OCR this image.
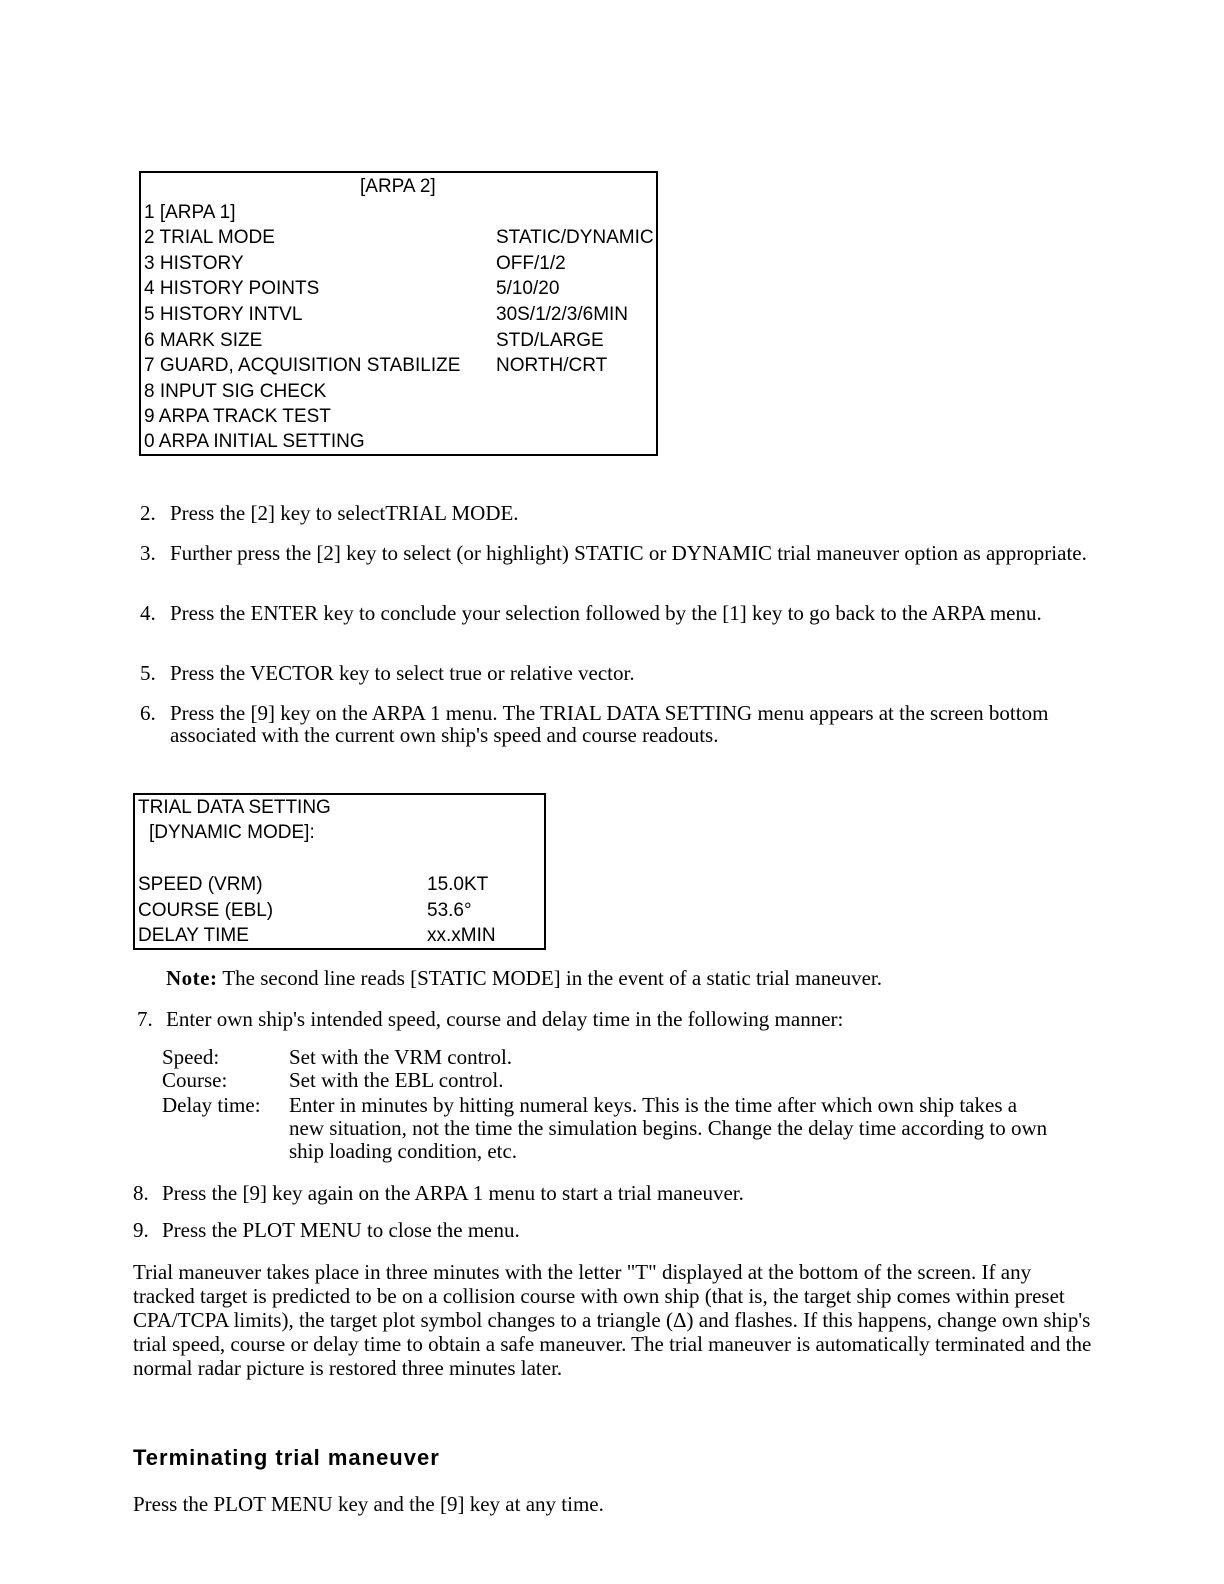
[ARPA 2]
1 [ARPA 1]
2 TRIAL MODE	STATIC/DYNAMIC
3 HISTORY	OFF/1/2
4 HISTORY POINTS	5/10/20
5 HISTORY INTVL	30S/1/2/3/6MIN
6 MARK SIZE	STD/LARGE
7 GUARD, ACQUISITION STABILIZE NORTH/CRT
8 INPUT SIG CHECK
9 ARPA TRACK TEST
0 ARPA INITIAL SETTING
2. Press the [2] key to selectTRIAL MODE.
3. Further press the [2] key to select (or highlight) STATIC or DYNAMIC trial maneuver option as appropriate.
4. Press the ENTER key to conclude your selection followed by the [1] key to go back to the ARPA menu.
5. Press the VECTOR key to select true or relative vector.
6. Press the [9] key on the ARPA 1 menu. The TRIAL DATA SETTING menu appears at the screen bottom associated with the current own ship's speed and course readouts.
TRIAL DATA SETTING
[DYNAMIC MODE]:
SPEED (VRM)	15.0KT
COURSE (EBL)	53.6°
DELAY TIME	xx.xMIN
Note: The second line reads [STATIC MODE] in the event of a static trial maneuver.
7. Enter own ship's intended speed, course and delay time in the following manner:
Speed:	Set with the VRM control.
Course:	Set with the EBL control.
Delay time: Enter in minutes by hitting numeral keys. This is the time after which own ship takes a new situation, not the time the simulation begins. Change the delay time according to own ship loading condition, etc.
8. Press the [9] key again on the ARPA 1 menu to start a trial maneuver.
9. Press the PLOT MENU to close the menu.
Trial maneuver takes place in three minutes with the letter "T" displayed at the bottom of the screen. If any tracked target is predicted to be on a collision course with own ship (that is, the target ship comes within preset CPA/TCPA limits), the target plot symbol changes to a triangle (Δ) and flashes. If this happens, change own ship's trial speed, course or delay time to obtain a safe maneuver. The trial maneuver is automatically terminated and the normal radar picture is restored three minutes later.
Terminating trial maneuver
Press the PLOT MENU key and the [9] key at any time.
